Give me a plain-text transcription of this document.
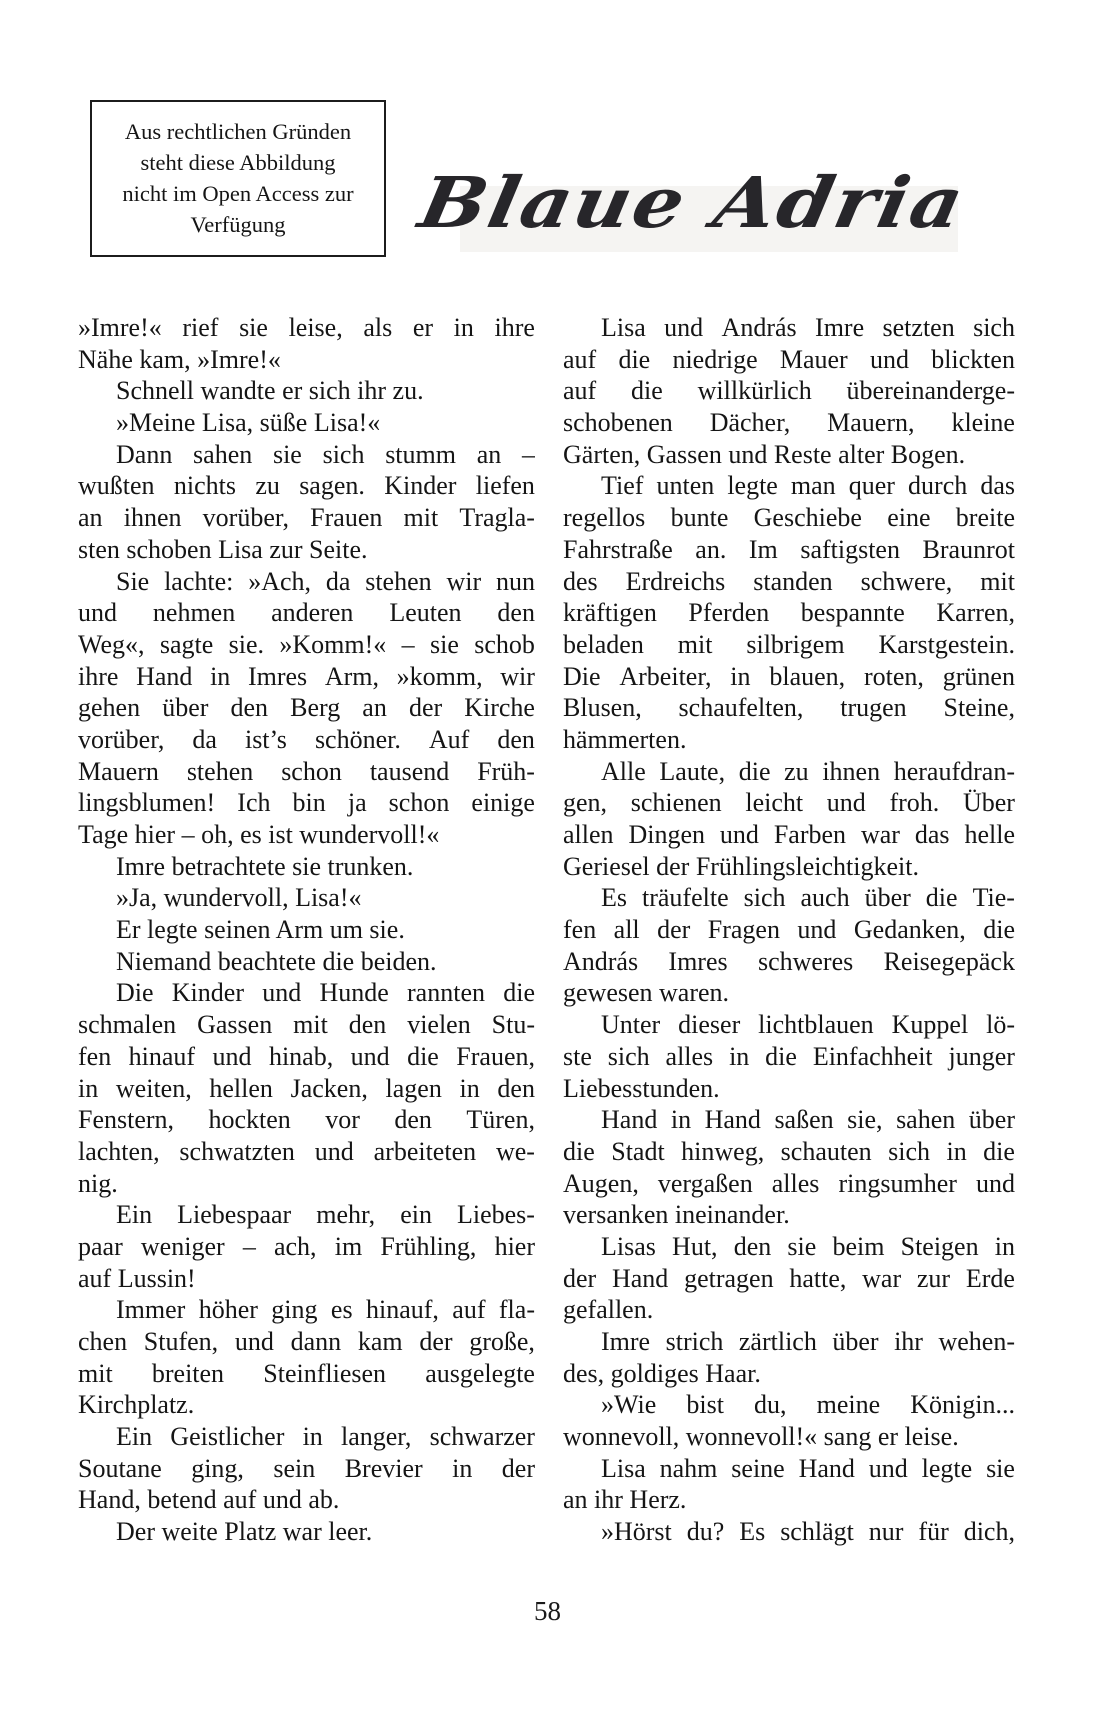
Aus rechtlichen Gründen
steht diese Abbildung
nicht im Open Access zur
Verfügung	Blaue Adria
»Imre!« rief sie leise, als er in ihre
Nähe kam, »Imre!«
Schnell wandte er sich ihr zu.
»Meine Lisa, süße Lisa!«
Dann sahen sie sich stumm an –
wußten nichts zu sagen. Kinder liefen
an ihnen vorüber, Frauen mit Tragla-
sten schoben Lisa zur Seite.
Sie lachte: »Ach, da stehen wir nun
und nehmen anderen Leuten den
Weg«, sagte sie. »Komm!« – sie schob
ihre Hand in Imres Arm, »komm, wir
gehen über den Berg an der Kirche
vorüber, da ist’s schöner. Auf den
Mauern stehen schon tausend Früh-
lingsblumen! Ich bin ja schon einige
Tage hier – oh, es ist wundervoll!«
Imre betrachtete sie trunken.
»Ja, wundervoll, Lisa!«
Er legte seinen Arm um sie.
Niemand beachtete die beiden.
Die Kinder und Hunde rannten die
schmalen Gassen mit den vielen Stu-
fen hinauf und hinab, und die Frauen,
in weiten, hellen Jacken, lagen in den
Fenstern, hockten vor den Türen,
lachten, schwatzten und arbeiteten we-
nig.
Ein Liebespaar mehr, ein Liebes-
paar weniger – ach, im Frühling, hier
auf Lussin!
Immer höher ging es hinauf, auf fla-
chen Stufen, und dann kam der große,
mit breiten Steinfliesen ausgelegte
Kirchplatz.
Ein Geistlicher in langer, schwarzer
Soutane ging, sein Brevier in der
Hand, betend auf und ab.
Der weite Platz war leer.
Lisa und András Imre setzten sich
auf die niedrige Mauer und blickten
auf die willkürlich übereinanderge-
schobenen Dächer, Mauern, kleine
Gärten, Gassen und Reste alter Bogen.
Tief unten legte man quer durch das
regellos bunte Geschiebe eine breite
Fahrstraße an. Im saftigsten Braunrot
des Erdreichs standen schwere, mit
kräftigen Pferden bespannte Karren,
beladen mit silbrigem Karstgestein.
Die Arbeiter, in blauen, roten, grünen
Blusen, schaufelten, trugen Steine,
hämmerten.
Alle Laute, die zu ihnen heraufdran-
gen, schienen leicht und froh. Über
allen Dingen und Farben war das helle
Geriesel der Frühlingsleichtigkeit.
Es träufelte sich auch über die Tie-
fen all der Fragen und Gedanken, die
András Imres schweres Reisegepäck
gewesen waren.
Unter dieser lichtblauen Kuppel lö-
ste sich alles in die Einfachheit junger
Liebesstunden.
Hand in Hand saßen sie, sahen über
die Stadt hinweg, schauten sich in die
Augen, vergaßen alles ringsumher und
versanken ineinander.
Lisas Hut, den sie beim Steigen in
der Hand getragen hatte, war zur Erde
gefallen.
Imre strich zärtlich über ihr wehen-
des, goldiges Haar.
»Wie bist du, meine Königin...
wonnevoll, wonnevoll!« sang er leise.
Lisa nahm seine Hand und legte sie
an ihr Herz.
»Hörst du? Es schlägt nur für dich,
58
